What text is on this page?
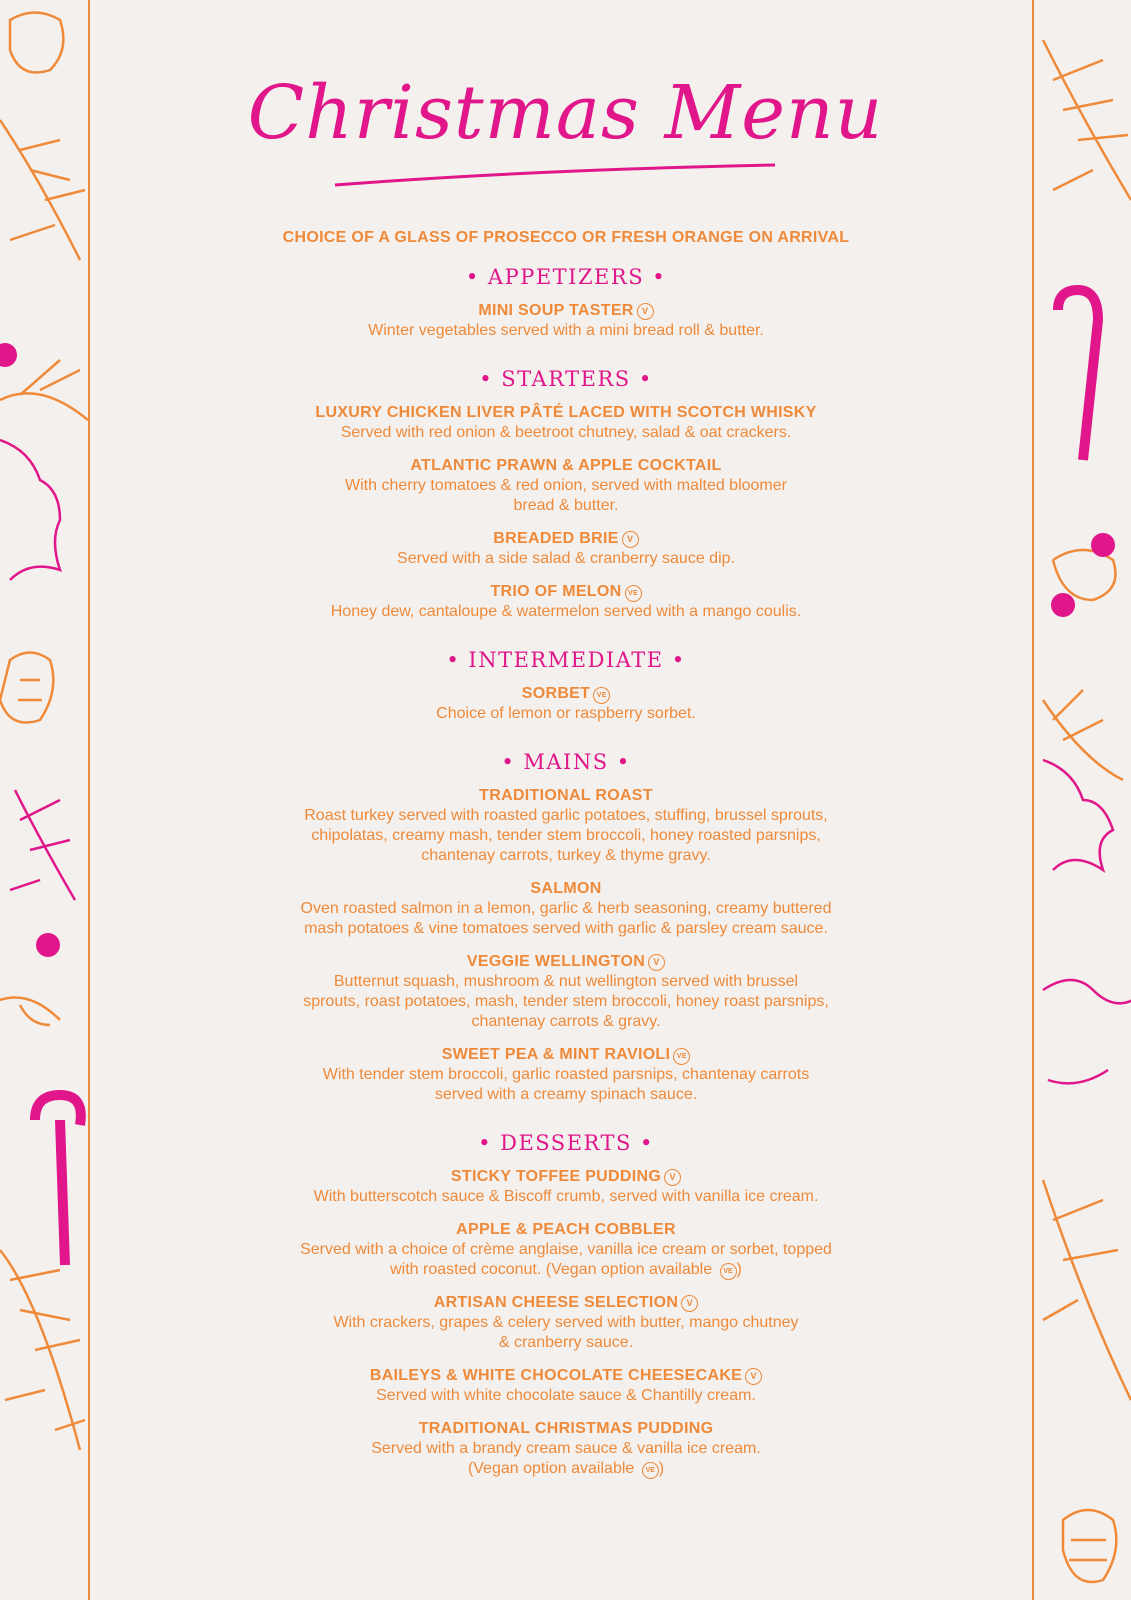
Christmas Menu
CHOICE OF A GLASS OF PROSECCO OR FRESH ORANGE ON ARRIVAL
• APPETIZERS •
MINI SOUP TASTER V
Winter vegetables served with a mini bread roll & butter.
• STARTERS •
LUXURY CHICKEN LIVER PÂTÉ LACED WITH SCOTCH WHISKY
Served with red onion & beetroot chutney, salad & oat crackers.
ATLANTIC PRAWN & APPLE COCKTAIL
With cherry tomatoes & red onion, served with malted bloomer
bread & butter.
BREADED BRIE V
Served with a side salad & cranberry sauce dip.
TRIO OF MELON VE
Honey dew, cantaloupe & watermelon served with a mango coulis.
• INTERMEDIATE •
SORBET VE
Choice of lemon or raspberry sorbet.
• MAINS •
TRADITIONAL ROAST
Roast turkey served with roasted garlic potatoes, stuffing, brussel sprouts,
chipolatas, creamy mash, tender stem broccoli, honey roasted parsnips,
chantenay carrots, turkey & thyme gravy.
SALMON
Oven roasted salmon in a lemon, garlic & herb seasoning, creamy buttered
mash potatoes & vine tomatoes served with garlic & parsley cream sauce.
VEGGIE WELLINGTON V
Butternut squash, mushroom & nut wellington served with brussel
sprouts, roast potatoes, mash, tender stem broccoli, honey roast parsnips,
chantenay carrots & gravy.
SWEET PEA & MINT RAVIOLI VE
With tender stem broccoli, garlic roasted parsnips, chantenay carrots
served with a creamy spinach sauce.
• DESSERTS •
STICKY TOFFEE PUDDING V
With butterscotch sauce & Biscoff crumb, served with vanilla ice cream.
APPLE & PEACH COBBLER
Served with a choice of crème anglaise, vanilla ice cream or sorbet, topped
with roasted coconut. (Vegan option available VE )
ARTISAN CHEESE SELECTION V
With crackers, grapes & celery served with butter, mango chutney
& cranberry sauce.
BAILEYS & WHITE CHOCOLATE CHEESECAKE V
Served with white chocolate sauce & Chantilly cream.
TRADITIONAL CHRISTMAS PUDDING
Served with a brandy cream sauce & vanilla ice cream.
(Vegan option available VE )
